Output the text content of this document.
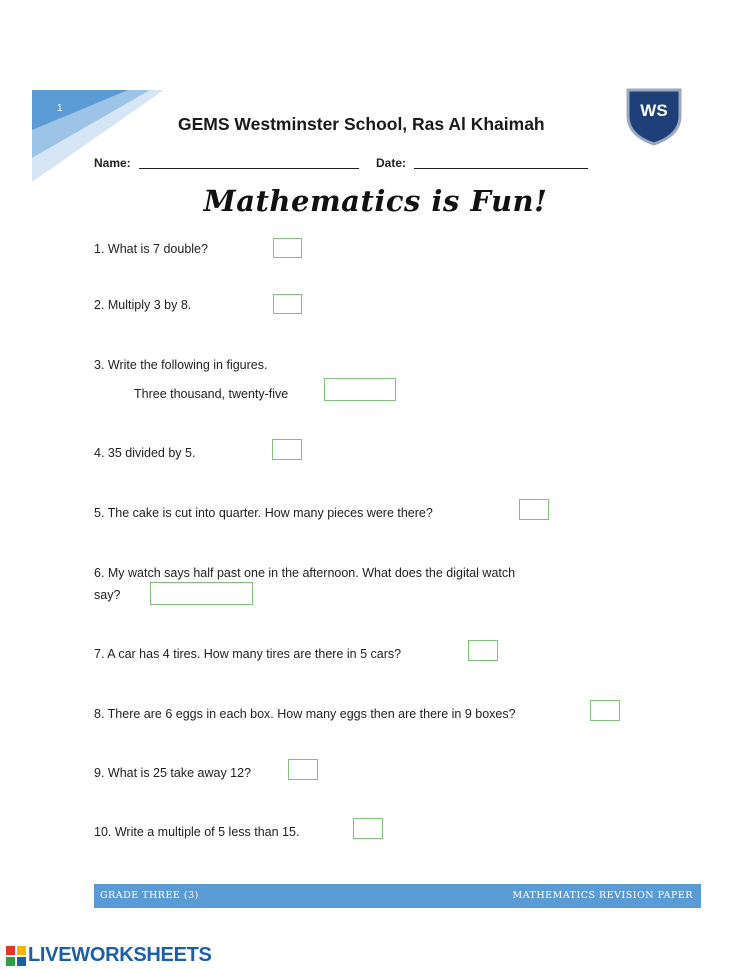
1
GEMS Westminster School, Ras Al Khaimah
WS
Name:	Date:
Mathematics is Fun!
1. What is 7 double?
2. Multiply 3 by 8.
3. Write the following in figures.
Three thousand, twenty-five
4. 35 divided by 5.
5. The cake is cut into quarter. How many pieces were there?
6. My watch says half past one in the afternoon. What does the digital watch
say?
7. A car has 4 tires. How many tires are there in 5 cars?
8. There are 6 eggs in each box. How many eggs then are there in 9 boxes?
9. What is 25 take away 12?
10. Write a multiple of 5 less than 15.
GRADE THREE (3)	MATHEMATICS REVISION PAPER
LIVEWORKSHEETS
